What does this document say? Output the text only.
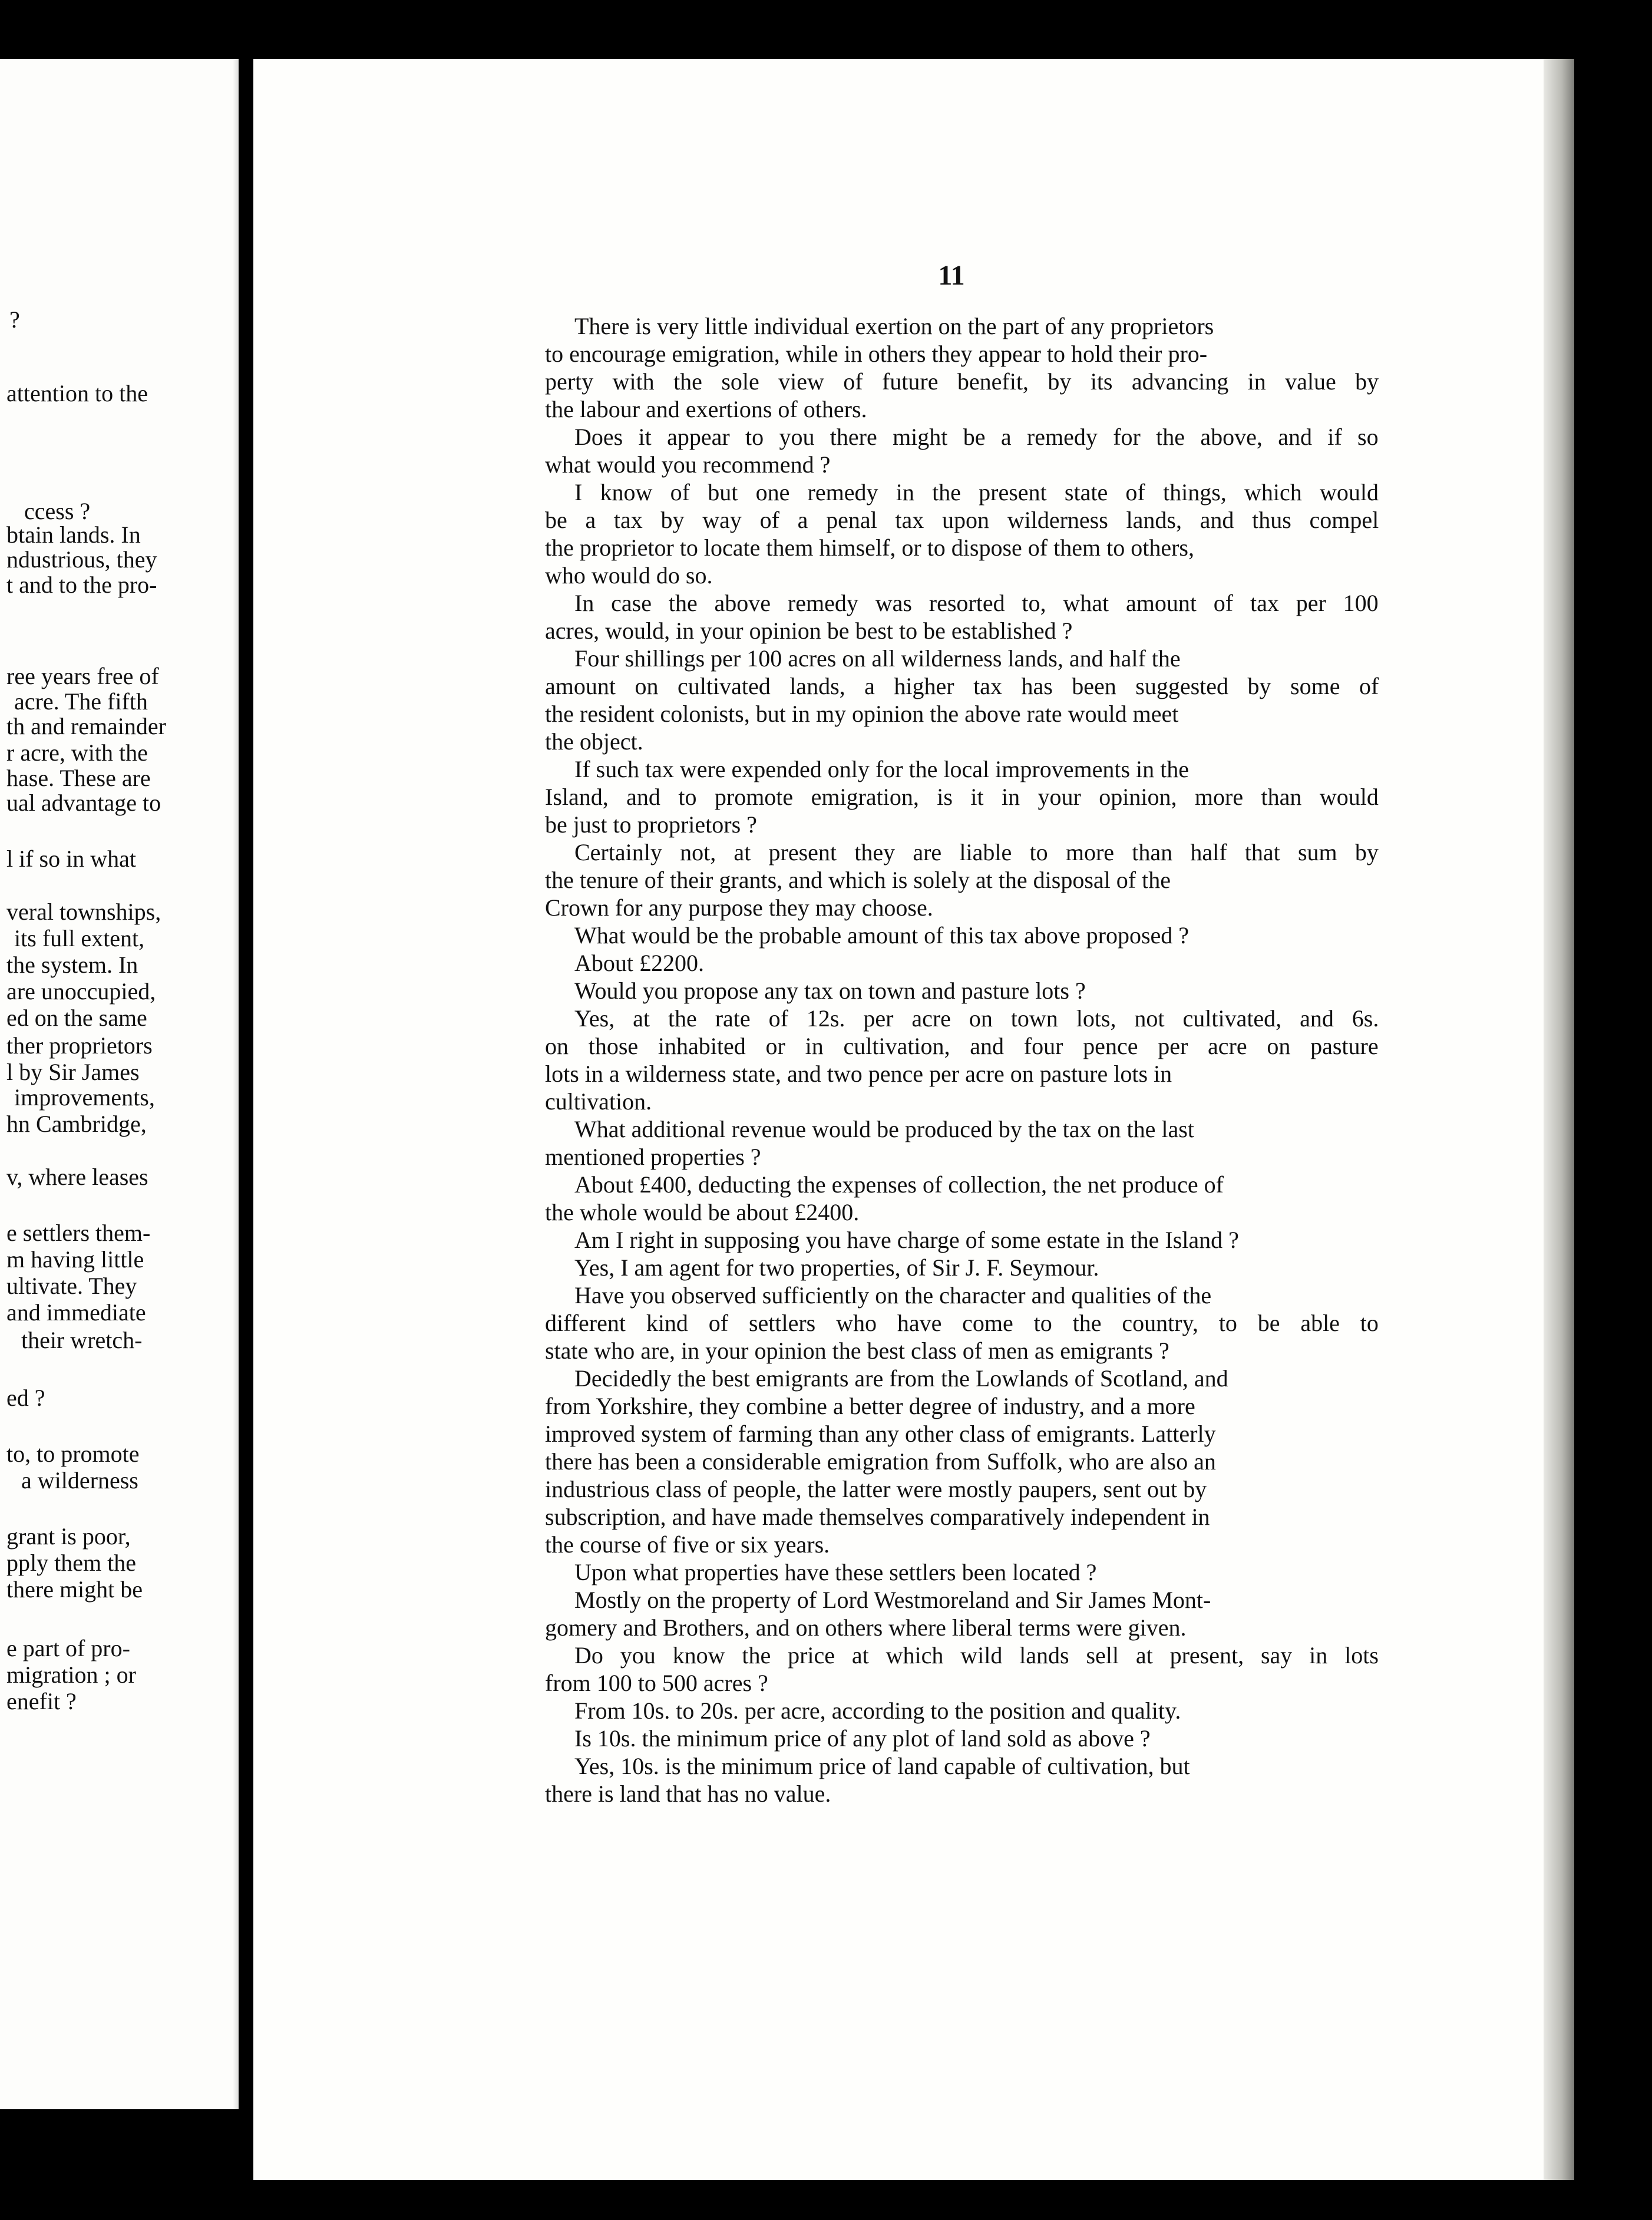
?
attention to the
ccess ?
btain lands. In
ndustrious, they
t and to the pro-
ree years free of
acre. The fifth
th and remainder
r acre, with the
hase. These are
ual advantage to
l if so in what
veral townships,
its full extent,
the system. In
are unoccupied,
ed on the same
ther proprietors
l by Sir James
improvements,
hn Cambridge,
v, where leases
e settlers them-
m having little
ultivate. They
and immediate
their wretch-
ed ?
to, to promote
a wilderness
grant is poor,
pply them the
there might be
e part of pro-
migration ; or
enefit ?
11
There is very little individual exertion on the part of any proprietors
to encourage emigration, while in others they appear to hold their pro-
perty with the sole view of future benefit, by its advancing in value by
the labour and exertions of others.
Does it appear to you there might be a remedy for the above, and if so
what would you recommend ?
I know of but one remedy in the present state of things, which would
be a tax by way of a penal tax upon wilderness lands, and thus compel
the proprietor to locate them himself, or to dispose of them to others,
who would do so.
In case the above remedy was resorted to, what amount of tax per 100
acres, would, in your opinion be best to be established ?
Four shillings per 100 acres on all wilderness lands, and half the
amount on cultivated lands, a higher tax has been suggested by some of
the resident colonists, but in my opinion the above rate would meet
the object.
If such tax were expended only for the local improvements in the
Island, and to promote emigration, is it in your opinion, more than would
be just to proprietors ?
Certainly not, at present they are liable to more than half that sum by
the tenure of their grants, and which is solely at the disposal of the
Crown for any purpose they may choose.
What would be the probable amount of this tax above proposed ?
About £2200.
Would you propose any tax on town and pasture lots ?
Yes, at the rate of 12s. per acre on town lots, not cultivated, and 6s.
on those inhabited or in cultivation, and four pence per acre on pasture
lots in a wilderness state, and two pence per acre on pasture lots in
cultivation.
What additional revenue would be produced by the tax on the last
mentioned properties ?
About £400, deducting the expenses of collection, the net produce of
the whole would be about £2400.
Am I right in supposing you have charge of some estate in the Island ?
Yes, I am agent for two properties, of Sir J. F. Seymour.
Have you observed sufficiently on the character and qualities of the
different kind of settlers who have come to the country, to be able to
state who are, in your opinion the best class of men as emigrants ?
Decidedly the best emigrants are from the Lowlands of Scotland, and
from Yorkshire, they combine a better degree of industry, and a more
improved system of farming than any other class of emigrants. Latterly
there has been a considerable emigration from Suffolk, who are also an
industrious class of people, the latter were mostly paupers, sent out by
subscription, and have made themselves comparatively independent in
the course of five or six years.
Upon what properties have these settlers been located ?
Mostly on the property of Lord Westmoreland and Sir James Mont-
gomery and Brothers, and on others where liberal terms were given.
Do you know the price at which wild lands sell at present, say in lots
from 100 to 500 acres ?
From 10s. to 20s. per acre, according to the position and quality.
Is 10s. the minimum price of any plot of land sold as above ?
Yes, 10s. is the minimum price of land capable of cultivation, but
there is land that has no value.
